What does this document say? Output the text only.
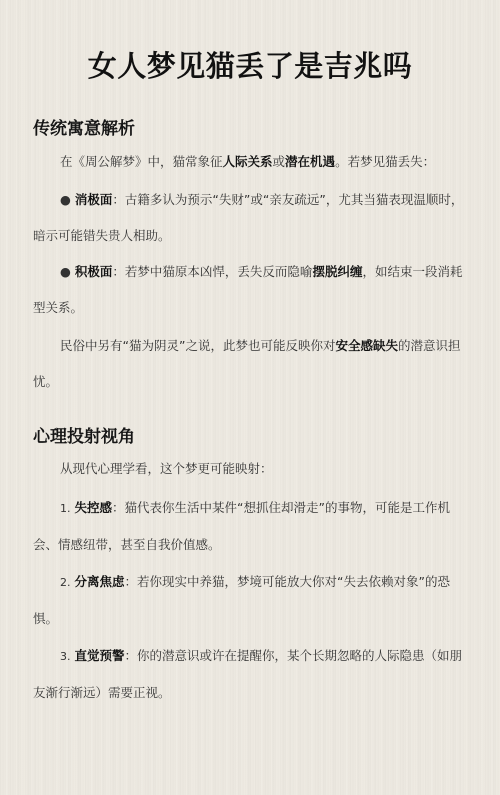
女人梦见猫丢了是吉兆吗
传统寓意解析
在《周公解梦》中，猫常象征人际关系或潜在机遇。若梦见猫丢失：
● 消极面：古籍多认为预示“失财”或“亲友疏远”，尤其当猫表现温顺时，暗示可能错失贵人相助。
● 积极面：若梦中猫原本凶悍，丢失反而隐喻摆脱纠缠，如结束一段消耗型关系。
民俗中另有“猫为阴灵”之说，此梦也可能反映你对安全感缺失的潜意识担忧。
心理投射视角
从现代心理学看，这个梦更可能映射：
1. 失控感：猫代表你生活中某件“想抓住却滑走”的事物，可能是工作机会、情感纽带，甚至自我价值感。
2. 分离焦虑：若你现实中养猫，梦境可能放大你对“失去依赖对象”的恐惧。
3. 直觉预警：你的潜意识或许在提醒你，某个长期忽略的人际隐患（如朋友渐行渐远）需要正视。
